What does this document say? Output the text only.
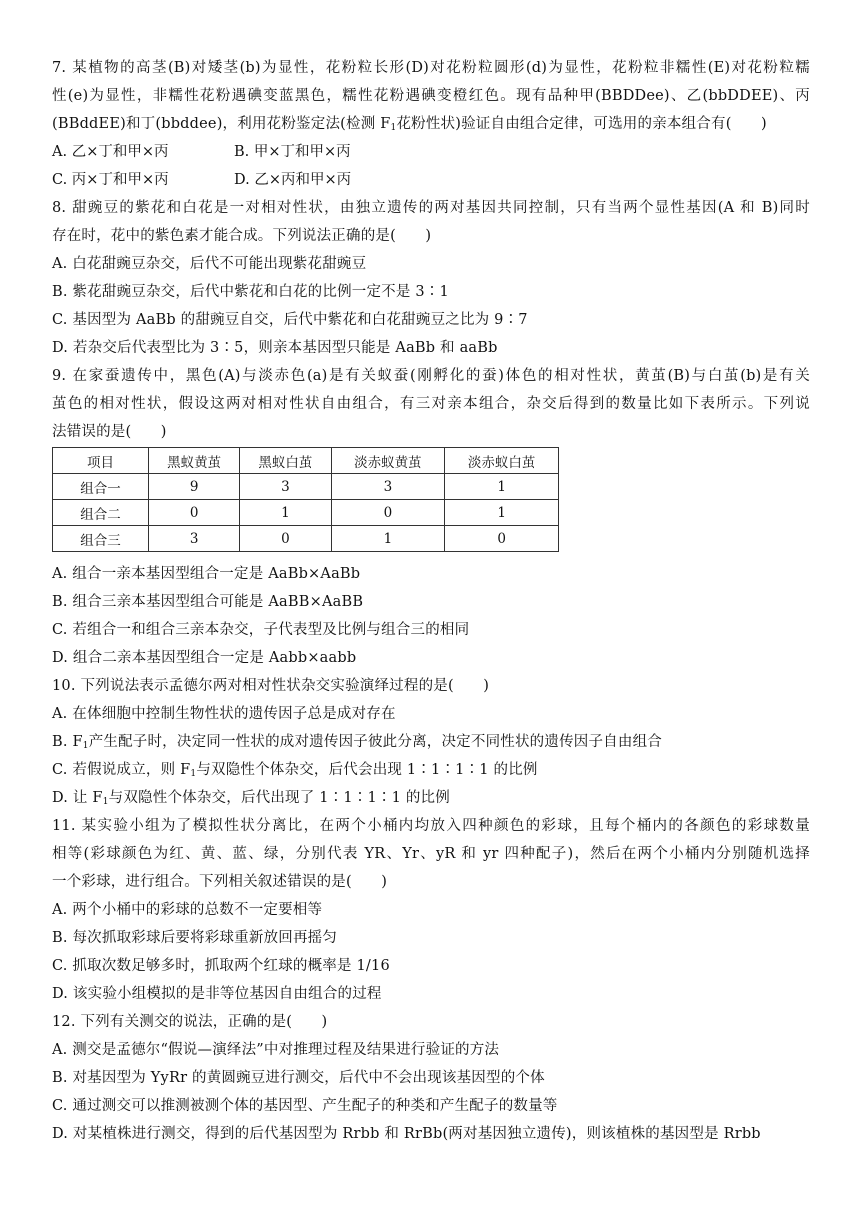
7. 某植物的高茎(B)对矮茎(b)为显性，花粉粒长形(D)对花粉粒圆形(d)为显性，花粉粒非糯性(E)对花粉粒糯
性(e)为显性，非糯性花粉遇碘变蓝黑色，糯性花粉遇碘变橙红色。现有品种甲(BBDDee)、乙(bbDDEE)、丙
(BBddEE)和丁(bbddee)，利用花粉鉴定法(检测 $F_1$花粉性状)验证自由组合定律，可选用的亲本组合有(　　)
A. 乙×丁和甲×丙	B. 甲×丁和甲×丙
C. 丙×丁和甲×丙	D. 乙×丙和甲×丙
8. 甜豌豆的紫花和白花是一对相对性状，由独立遗传的两对基因共同控制，只有当两个显性基因(A 和 B)同时
存在时，花中的紫色素才能合成。下列说法正确的是(　　)
A. 白花甜豌豆杂交，后代不可能出现紫花甜豌豆
B. 紫花甜豌豆杂交，后代中紫花和白花的比例一定不是 3∶1
C. 基因型为 AaBb 的甜豌豆自交，后代中紫花和白花甜豌豆之比为 9∶7
D. 若杂交后代表型比为 3∶5，则亲本基因型只能是 AaBb 和 aaBb
9. 在家蚕遗传中，黑色(A)与淡赤色(a)是有关蚁蚕(刚孵化的蚕)体色的相对性状，黄茧(B)与白茧(b)是有关
茧色的相对性状，假设这两对相对性状自由组合，有三对亲本组合，杂交后得到的数量比如下表所示。下列说
法错误的是(　　)
项目	黑蚁黄茧	黑蚁白茧	淡赤蚁黄茧	淡赤蚁白茧
组合一	9	3	3	1
组合二	0	1	0	1
组合三	3	0	1	0
A. 组合一亲本基因型组合一定是 AaBb×AaBb
B. 组合三亲本基因型组合可能是 AaBB×AaBB
C. 若组合一和组合三亲本杂交，子代表型及比例与组合三的相同
D. 组合二亲本基因型组合一定是 Aabb×aabb
10. 下列说法表示孟德尔两对相对性状杂交实验演绎过程的是(　　)
A. 在体细胞中控制生物性状的遗传因子总是成对存在
B. $F_1$产生配子时，决定同一性状的成对遗传因子彼此分离，决定不同性状的遗传因子自由组合
C. 若假说成立，则 $F_1$与双隐性个体杂交，后代会出现 1∶1∶1∶1 的比例
D. 让 $F_1$与双隐性个体杂交，后代出现了 1∶1∶1∶1 的比例
11. 某实验小组为了模拟性状分离比，在两个小桶内均放入四种颜色的彩球，且每个桶内的各颜色的彩球数量
相等(彩球颜色为红、黄、蓝、绿，分别代表 YR、Yr、yR 和 yr 四种配子)，然后在两个小桶内分别随机选择
一个彩球，进行组合。下列相关叙述错误的是(　　)
A. 两个小桶中的彩球的总数不一定要相等
B. 每次抓取彩球后要将彩球重新放回再摇匀
C. 抓取次数足够多时，抓取两个红球的概率是 1/16
D. 该实验小组模拟的是非等位基因自由组合的过程
12. 下列有关测交的说法，正确的是(　　)
A. 测交是孟德尔“假说—演绎法”中对推理过程及结果进行验证的方法
B. 对基因型为 YyRr 的黄圆豌豆进行测交，后代中不会出现该基因型的个体
C. 通过测交可以推测被测个体的基因型、产生配子的种类和产生配子的数量等
D. 对某植株进行测交，得到的后代基因型为 Rrbb 和 RrBb(两对基因独立遗传)，则该植株的基因型是 Rrbb
